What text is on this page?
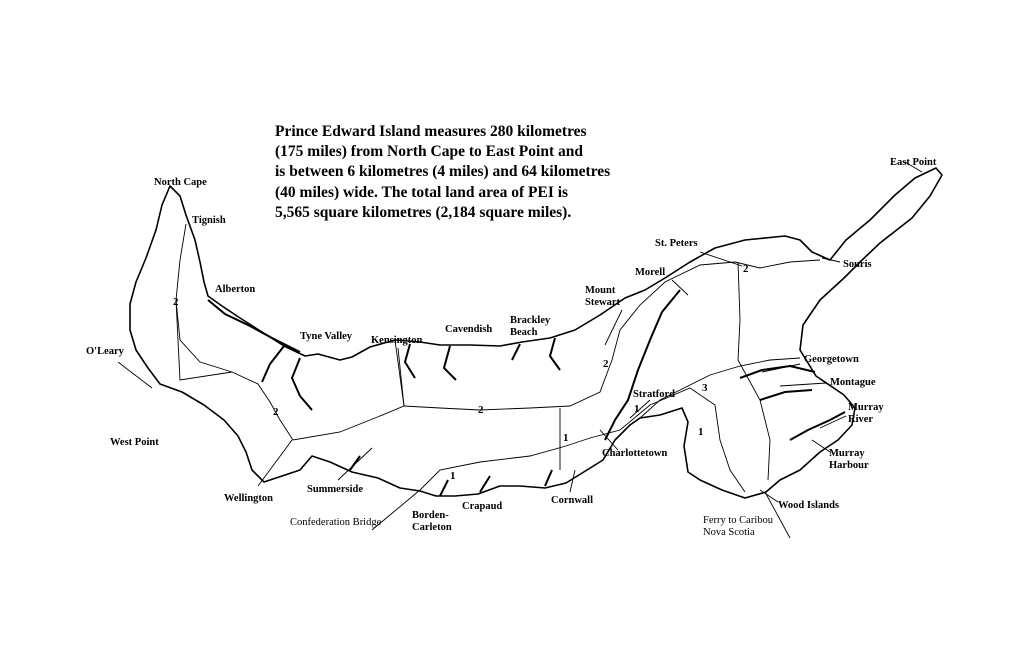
Prince Edward Island measures 280 kilometres
(175 miles) from North Cape to East Point and
is between 6 kilometres (4 miles) and 64 kilometres
(40 miles) wide. The total land area of PEI is
5,565 square kilometres (2,184 square miles).
North Cape
Tignish
Alberton
O'Leary
West Point
Tyne Valley Kensington
Cavendish
Brackley
Beach
Mount
Stewart
Morell
St. Peters
East Point
Souris
Georgetown
Montague
Stratford
Charlottetown
Murray
River
Murray
Harbour
Wood Islands
Cornwall
Crapaud
Borden-
Carleton
Summerside
Wellington
Confederation Bridge	Ferry to Caribou
Nova Scotia
2
2	2
2
2
1
1
1
1
3
